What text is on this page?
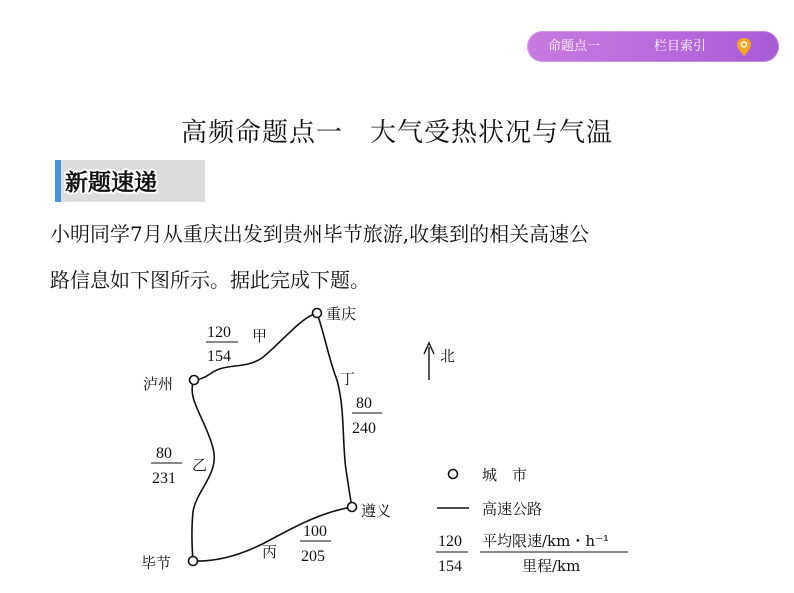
命题点一	栏目索引
高频命题点一　大气受热状况与气温
新题速递
小明同学7月从重庆出发到贵州毕节旅游,收集到的相关高速公
路信息如下图所示。据此完成下题。
重庆
泸州
毕节
遵义
120
154
甲
80
231
乙
100
205
丙
丁
80
240
北
城　市
高速公路
120
154
平均限速/km・h⁻¹
里程/km
